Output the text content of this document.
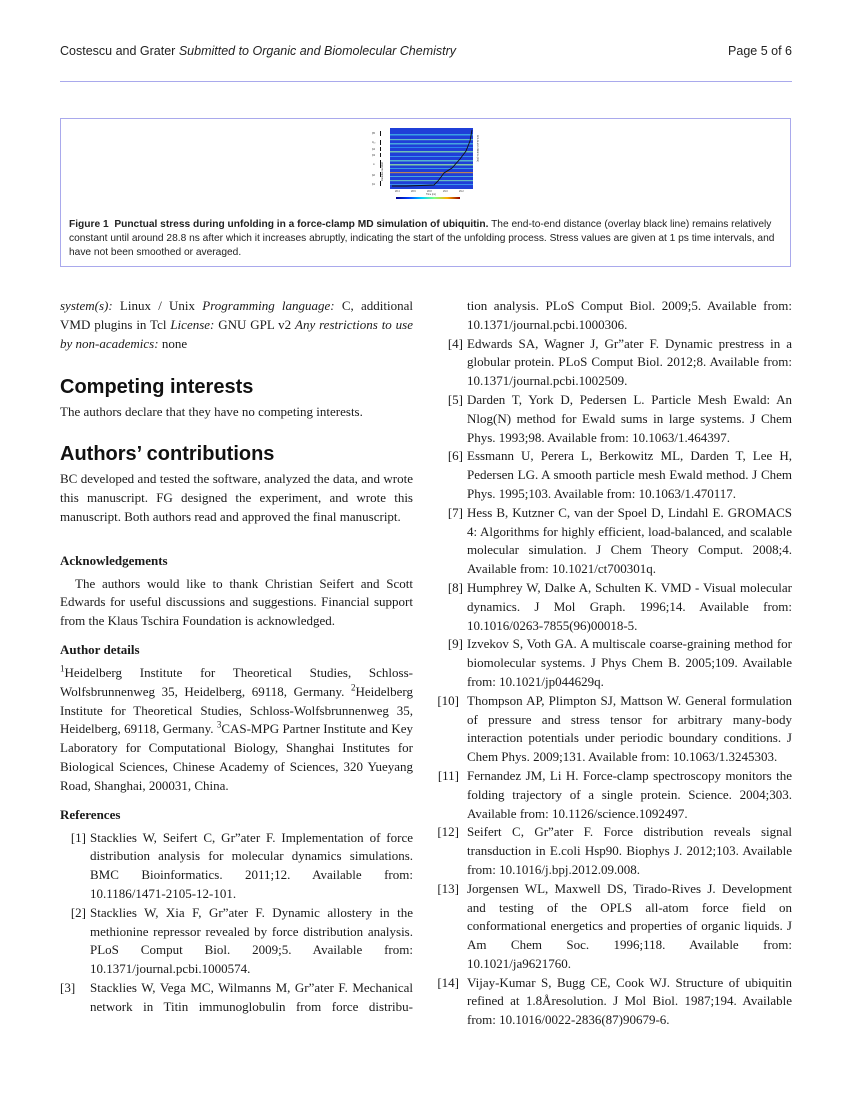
Costescu and Grater Submitted to Organic and Biomolecular Chemistry	Page 5 of 6
β5
3₁₀
β4
β3
α
β2
β1
Residue number
28.4	28.6	28.8	29.0	29.2
Time (ns)
End-to-end distance (nm)
Figure 1 Punctual stress during unfolding in a force-clamp MD simulation of ubiquitin. The end-to-end distance (overlay black line) remains relatively constant until around 28.8 ns after which it increases abruptly, indicating the start of the unfolding process. Stress values are given at 1 ps time intervals, and have not been smoothed or averaged.

system(s): Linux / Unix Programming language: C, additional VMD plugins in Tcl License: GNU GPL v2 Any restrictions to use by non-academics: none

Competing interests

The authors declare that they have no competing interests.

Authors’ contributions

BC developed and tested the software, analyzed the data, and wrote this manuscript. FG designed the experiment, and wrote this manuscript. Both authors read and approved the final manuscript.

Acknowledgements

The authors would like to thank Christian Seifert and Scott Edwards for useful discussions and suggestions. Financial support from the Klaus Tschira Foundation is acknowledged.

Author details

$^1$Heidelberg Institute for Theoretical Studies, Schloss-Wolfsbrunnenweg 35, Heidelberg, 69118, Germany. $^2$Heidelberg Institute for Theoretical Studies, Schloss-Wolfsbrunnenweg 35, Heidelberg, 69118, Germany. $^3$CAS-MPG Partner Institute and Key Laboratory for Computational Biology, Shanghai Institutes for Biological Sciences, Chinese Academy of Sciences, 320 Yueyang Road, Shanghai, 200031, China.

References
[1] Stacklies W, Seifert C, Gr”ater F. Implementation of force distribution analysis for molecular dynamics simulations. BMC Bioinformatics. 2011;12. Available from: 10.1186/1471-2105-12-101.
[2] Stacklies W, Xia F, Gr”ater F. Dynamic allostery in the methionine repressor revealed by force distribution analysis. PLoS Comput Biol. 2009;5. Available from: 10.1371/journal.pcbi.1000574.
[3]	Stacklies W, Vega MC, Wilmanns M, Gr”ater F. Mechanical network in Titin immunoglobulin from force distribu-
tion analysis. PLoS Comput Biol. 2009;5. Available from: 10.1371/journal.pcbi.1000306.
[4] Edwards SA, Wagner J, Gr”ater F. Dynamic prestress in a globular protein. PLoS Comput Biol. 2012;8. Available from: 10.1371/journal.pcbi.1002509.
[5] Darden T, York D, Pedersen L. Particle Mesh Ewald: An Nlog(N) method for Ewald sums in large systems. J Chem Phys. 1993;98. Available from: 10.1063/1.464397.
[6] Essmann U, Perera L, Berkowitz ML, Darden T, Lee H, Pedersen LG. A smooth particle mesh Ewald method. J Chem Phys. 1995;103. Available from: 10.1063/1.470117.
[7] Hess B, Kutzner C, van der Spoel D, Lindahl E. GROMACS 4: Algorithms for highly efficient, load-balanced, and scalable molecular simulation. J Chem Theory Comput. 2008;4. Available from: 10.1021/ct700301q.
[8] Humphrey W, Dalke A, Schulten K. VMD - Visual molecular dynamics. J Mol Graph. 1996;14. Available from: 10.1016/0263-7855(96)00018-5.
[9] Izvekov S, Voth GA. A multiscale coarse-graining method for biomolecular systems. J Phys Chem B. 2005;109. Available from: 10.1021/jp044629q.
[10] Thompson AP, Plimpton SJ, Mattson W. General formulation of pressure and stress tensor for arbitrary many-body interaction potentials under periodic boundary conditions. J Chem Phys. 2009;131. Available from: 10.1063/1.3245303.
[11] Fernandez JM, Li H. Force-clamp spectroscopy monitors the folding trajectory of a single protein. Science. 2004;303. Available from: 10.1126/science.1092497.
[12] Seifert C, Gr”ater F. Force distribution reveals signal transduction in E.coli Hsp90. Biophys J. 2012;103. Available from: 10.1016/j.bpj.2012.09.008.
[13] Jorgensen WL, Maxwell DS, Tirado-Rives J. Development and testing of the OPLS all-atom force field on conformational energetics and properties of organic liquids. J Am Chem Soc. 1996;118. Available from: 10.1021/ja9621760.
[14] Vijay-Kumar S, Bugg CE, Cook WJ. Structure of ubiquitin refined at 1.8Åresolution. J Mol Biol. 1987;194. Available from: 10.1016/0022-2836(87)90679-6.
